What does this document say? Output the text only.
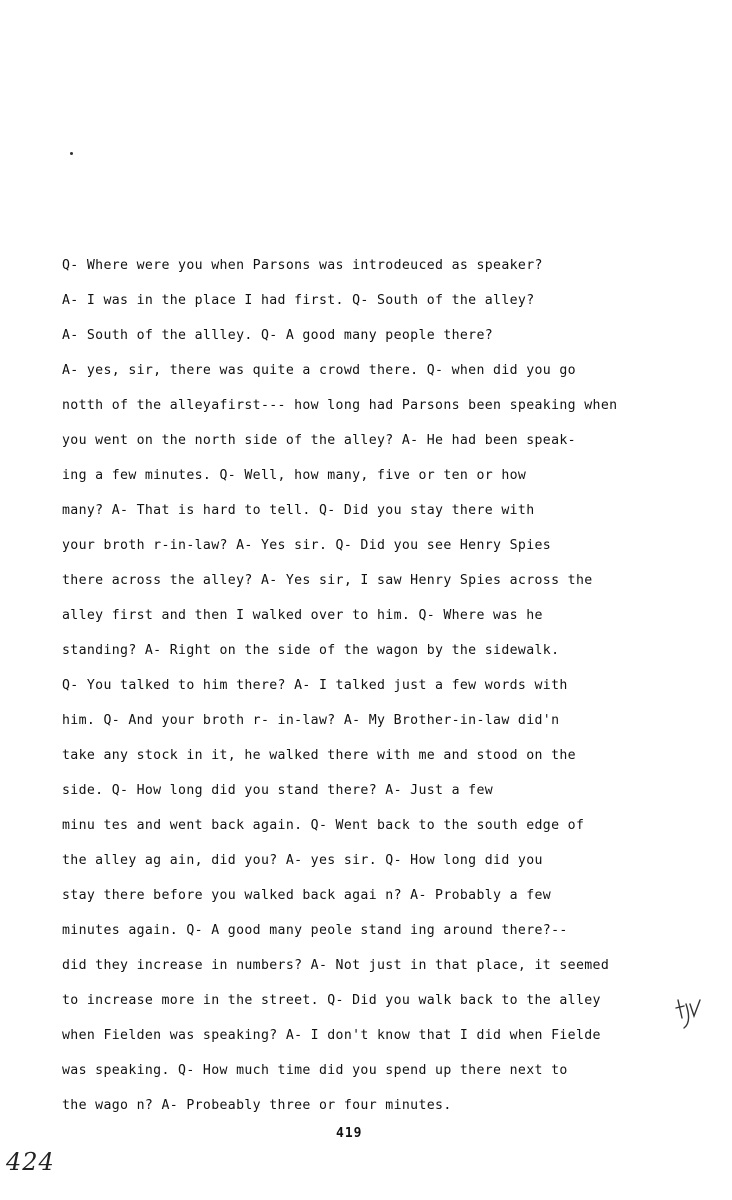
Q- Where were you when Parsons was introdeuced as speaker?
A- I was in the place I had first. Q- South of the alley?
A- South of the allley. Q- A good many people there?
A- yes, sir, there was quite a crowd there. Q- when did you go
notth of the alleyafirst--- how long had Parsons been speaking when
you went on the north side of the alley? A- He had been speak-
ing a few minutes. Q- Well, how many, five or ten or how
many? A- That is hard to tell. Q- Did you stay there with
your broth r-in-law? A- Yes sir. Q- Did you see Henry Spies
there across the alley? A- Yes sir, I saw Henry Spies across the
alley first and then I walked over to him. Q- Where was he
standing? A- Right on the side of the wagon by the sidewalk.
Q- You talked to him there? A- I talked just a few words with
him. Q- And your broth r- in-law? A- My Brother-in-law did'n
take any stock in it, he walked there with me and stood on the
side. Q- How long did you stand there? A- Just a few
minu tes and went back again. Q- Went back to the south edge of
the alley ag ain, did you? A- yes sir. Q- How long did you
stay there before you walked back agai n? A- Probably a few
minutes again. Q- A good many peole stand ing around there?--
did they increase in numbers? A- Not just in that place, it seemed
to increase more in the street. Q- Did you walk back to the alley
when Fielden was speaking? A- I don't know that I did when Fielde
was speaking. Q- How much time did you spend up there next to
the wago n? A- Probeably three or four minutes.
419
424
